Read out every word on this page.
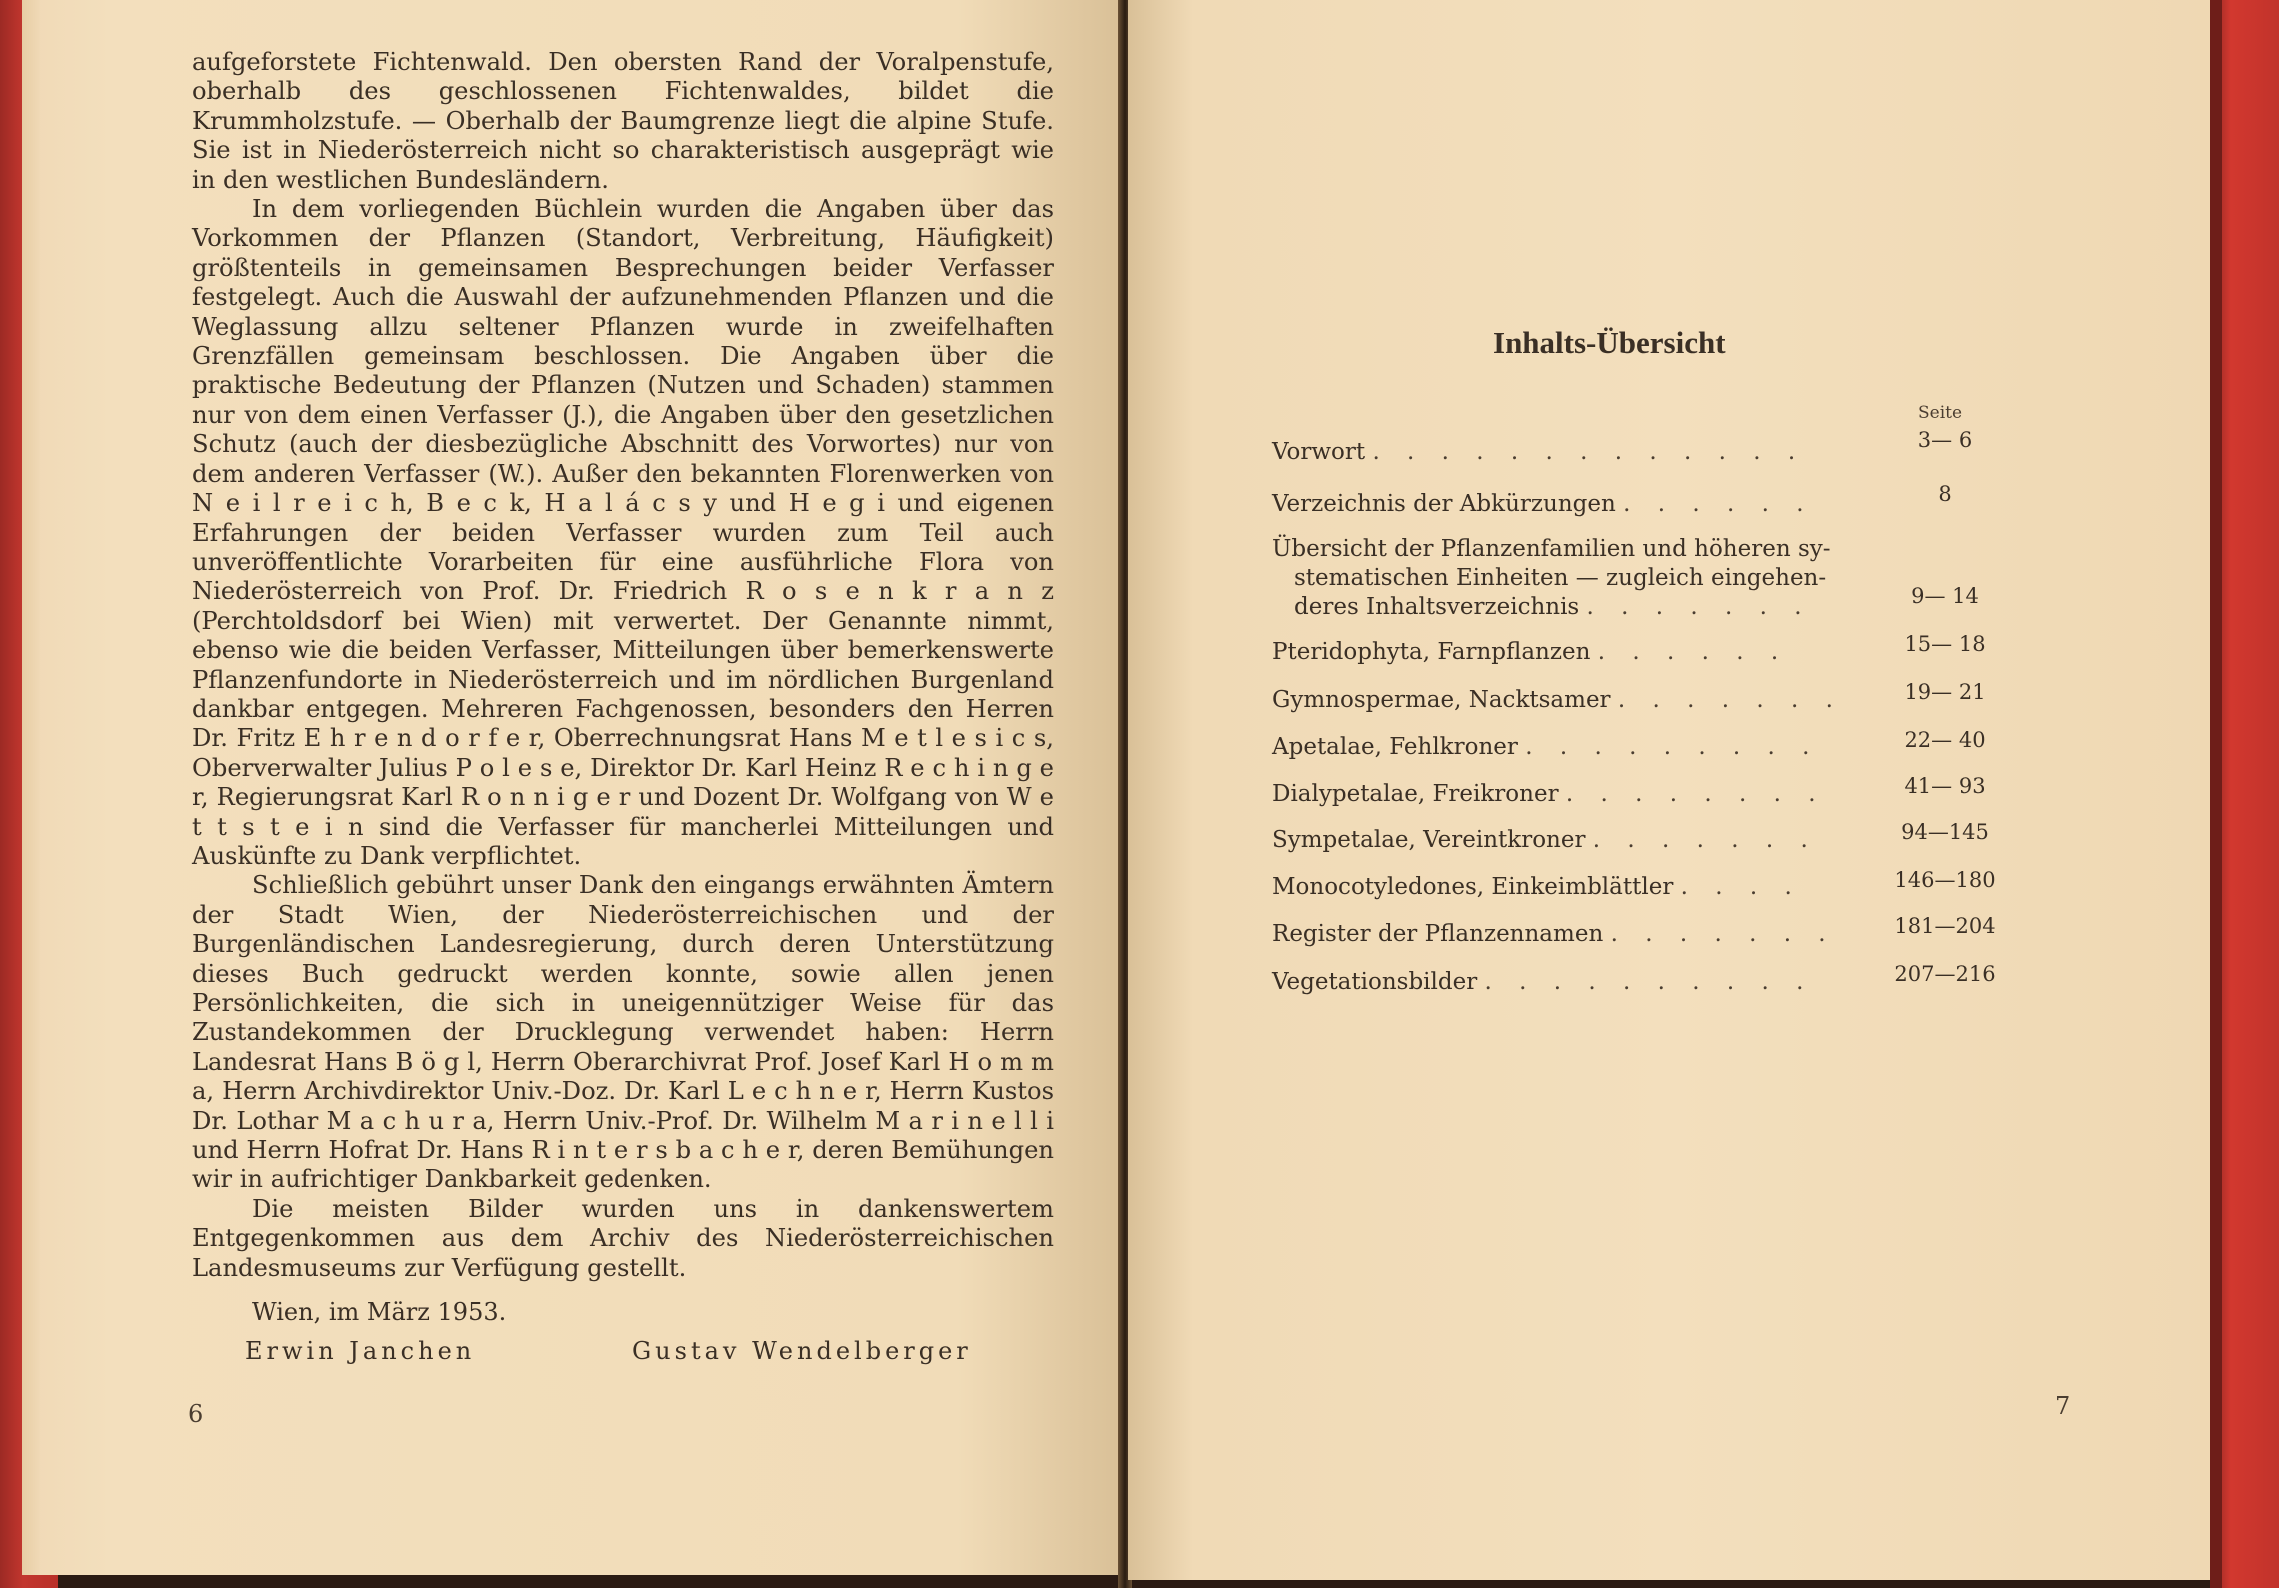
aufgeforstete Fichtenwald. Den obersten Rand der Voralpenstufe, oberhalb des geschlossenen Fichtenwaldes, bildet die Krummholzstufe. — Oberhalb der Baumgrenze liegt die alpine Stufe. Sie ist in Niederösterreich nicht so charakteristisch ausgeprägt wie in den westlichen Bundesländern.

In dem vorliegenden Büchlein wurden die Angaben über das Vorkommen der Pflanzen (Standort, Verbreitung, Häufigkeit) größtenteils in gemeinsamen Besprechungen beider Verfasser festgelegt. Auch die Auswahl der aufzunehmenden Pflanzen und die Weglassung allzu seltener Pflanzen wurde in zweifelhaften Grenzfällen gemeinsam beschlossen. Die Angaben über die praktische Bedeutung der Pflanzen (Nutzen und Schaden) stammen nur von dem einen Verfasser (J.), die Angaben über den gesetzlichen Schutz (auch der diesbezügliche Abschnitt des Vorwortes) nur von dem anderen Verfasser (W.). Außer den bekannten Florenwerken von N e i l r e i c h, B e c k, H a l á c s y und H e g i und eigenen Erfahrungen der beiden Verfasser wurden zum Teil auch unveröffentlichte Vorarbeiten für eine ausführliche Flora von Niederösterreich von Prof. Dr. Friedrich R o s e n k r a n z (Perchtoldsdorf bei Wien) mit verwertet. Der Genannte nimmt, ebenso wie die beiden Verfasser, Mitteilungen über bemerkenswerte Pflanzenfundorte in Niederösterreich und im nördlichen Burgenland dankbar entgegen. Mehreren Fachgenossen, besonders den Herren Dr. Fritz E h r e n d o r f e r, Oberrechnungsrat Hans M e t l e s i c s, Oberverwalter Julius P o l e s e, Direktor Dr. Karl Heinz R e c h i n g e r, Regierungsrat Karl R o n n i g e r und Dozent Dr. Wolfgang von W e t t s t e i n sind die Verfasser für mancherlei Mitteilungen und Auskünfte zu Dank verpflichtet.

Schließlich gebührt unser Dank den eingangs erwähnten Ämtern der Stadt Wien, der Niederösterreichischen und der Burgenländischen Landesregierung, durch deren Unterstützung dieses Buch gedruckt werden konnte, sowie allen jenen Persönlichkeiten, die sich in uneigennütziger Weise für das Zustandekommen der Drucklegung verwendet haben: Herrn Landesrat Hans B ö g l, Herrn Oberarchivrat Prof. Josef Karl H o m m a, Herrn Archivdirektor Univ.-Doz. Dr. Karl L e c h n e r, Herrn Kustos Dr. Lothar M a c h u r a, Herrn Univ.-Prof. Dr. Wilhelm M a r i n e l l i und Herrn Hofrat Dr. Hans R i n t e r s b a c h e r, deren Bemühungen wir in aufrichtiger Dankbarkeit gedenken.

Die meisten Bilder wurden uns in dankenswertem Entgegenkommen aus dem Archiv des Niederösterreichischen Landesmuseums zur Verfügung gestellt.

Wien, im März 1953.
Erwin Janchen	Gustav Wendelberger
6
Inhalts-Übersicht
Seite
Vorwort . . . . . . . . . . . . .	3— 6
Verzeichnis der Abkürzungen . . . . . .	8
Übersicht der Pflanzenfamilien und höheren sy-
stematischen Einheiten — zugleich eingehen-
deres Inhaltsverzeichnis . . . . . . .	9— 14
Pteridophyta, Farnpflanzen . . . . . .	15— 18
Gymnospermae, Nacktsamer . . . . . . .	19— 21
Apetalae, Fehlkroner . . . . . . . . .	22— 40
Dialypetalae, Freikroner . . . . . . . .	41— 93
Sympetalae, Vereintkroner . . . . . . .	94—145
Monocotyledones, Einkeimblättler . . . .	146—180
Register der Pflanzennamen . . . . . . .	181—204
Vegetationsbilder . . . . . . . . . .	207—216
7
